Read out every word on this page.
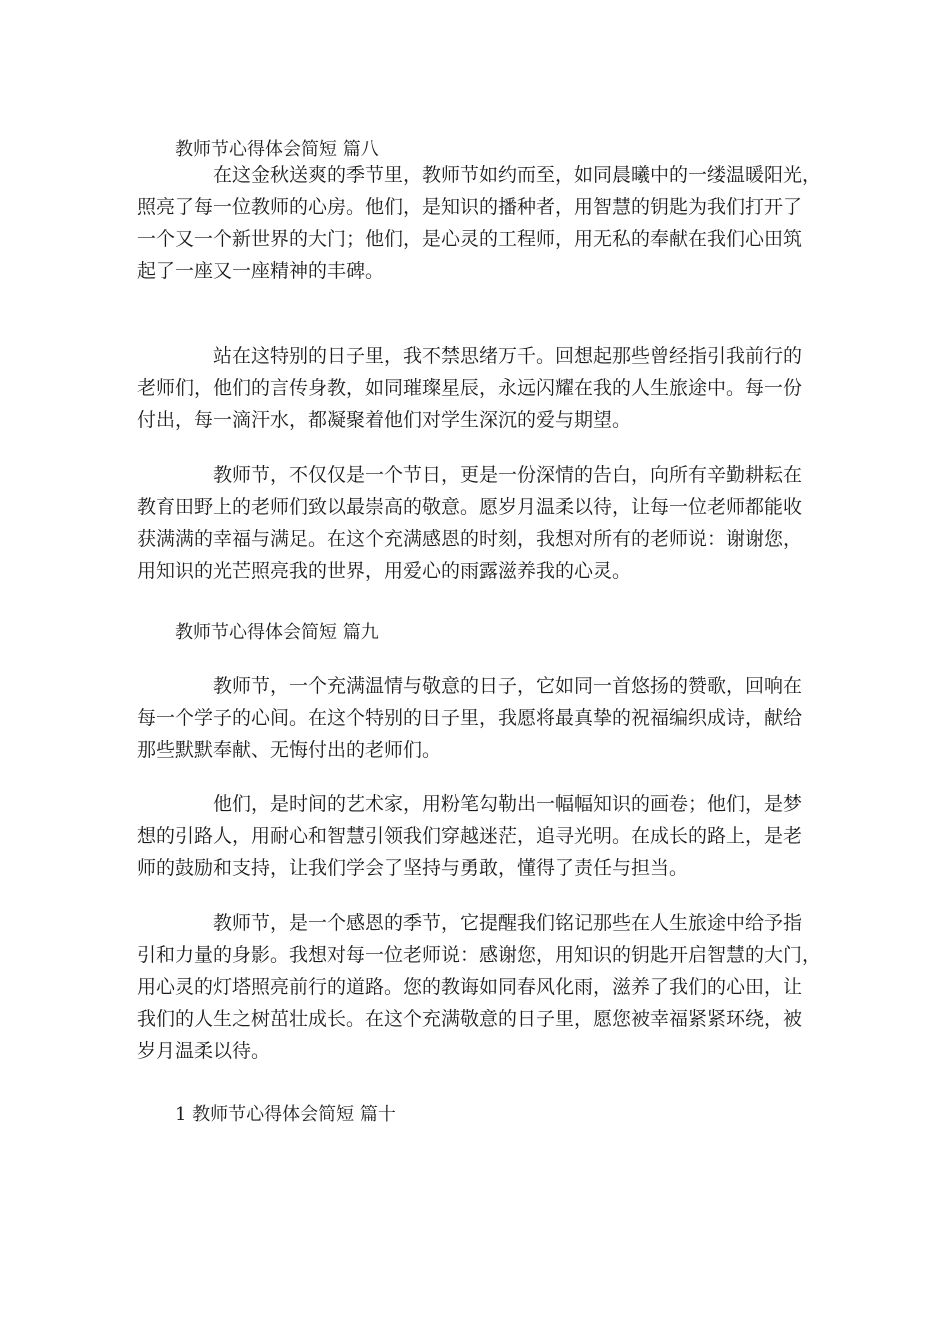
教师节心得体会简短 篇八
在这金秋送爽的季节里，教师节如约而至，如同晨曦中的一缕温暖阳光，
照亮了每一位教师的心房。他们，是知识的播种者，用智慧的钥匙为我们打开了
一个又一个新世界的大门；他们，是心灵的工程师，用无私的奉献在我们心田筑
起了一座又一座精神的丰碑。
站在这特别的日子里，我不禁思绪万千。回想起那些曾经指引我前行的
老师们，他们的言传身教，如同璀璨星辰，永远闪耀在我的人生旅途中。每一份
付出，每一滴汗水，都凝聚着他们对学生深沉的爱与期望。
教师节，不仅仅是一个节日，更是一份深情的告白，向所有辛勤耕耘在
教育田野上的老师们致以最崇高的敬意。愿岁月温柔以待，让每一位老师都能收
获满满的幸福与满足。在这个充满感恩的时刻，我想对所有的老师说：谢谢您，
用知识的光芒照亮我的世界，用爱心的雨露滋养我的心灵。
教师节心得体会简短 篇九
教师节，一个充满温情与敬意的日子，它如同一首悠扬的赞歌，回响在
每一个学子的心间。在这个特别的日子里，我愿将最真挚的祝福编织成诗，献给
那些默默奉献、无悔付出的老师们。
他们，是时间的艺术家，用粉笔勾勒出一幅幅知识的画卷；他们，是梦
想的引路人，用耐心和智慧引领我们穿越迷茫，追寻光明。在成长的路上，是老
师的鼓励和支持，让我们学会了坚持与勇敢，懂得了责任与担当。
教师节，是一个感恩的季节，它提醒我们铭记那些在人生旅途中给予指
引和力量的身影。我想对每一位老师说：感谢您，用知识的钥匙开启智慧的大门，
用心灵的灯塔照亮前行的道路。您的教诲如同春风化雨，滋养了我们的心田，让
我们的人生之树茁壮成长。在这个充满敬意的日子里，愿您被幸福紧紧环绕，被
岁月温柔以待。
1 教师节心得体会简短 篇十
